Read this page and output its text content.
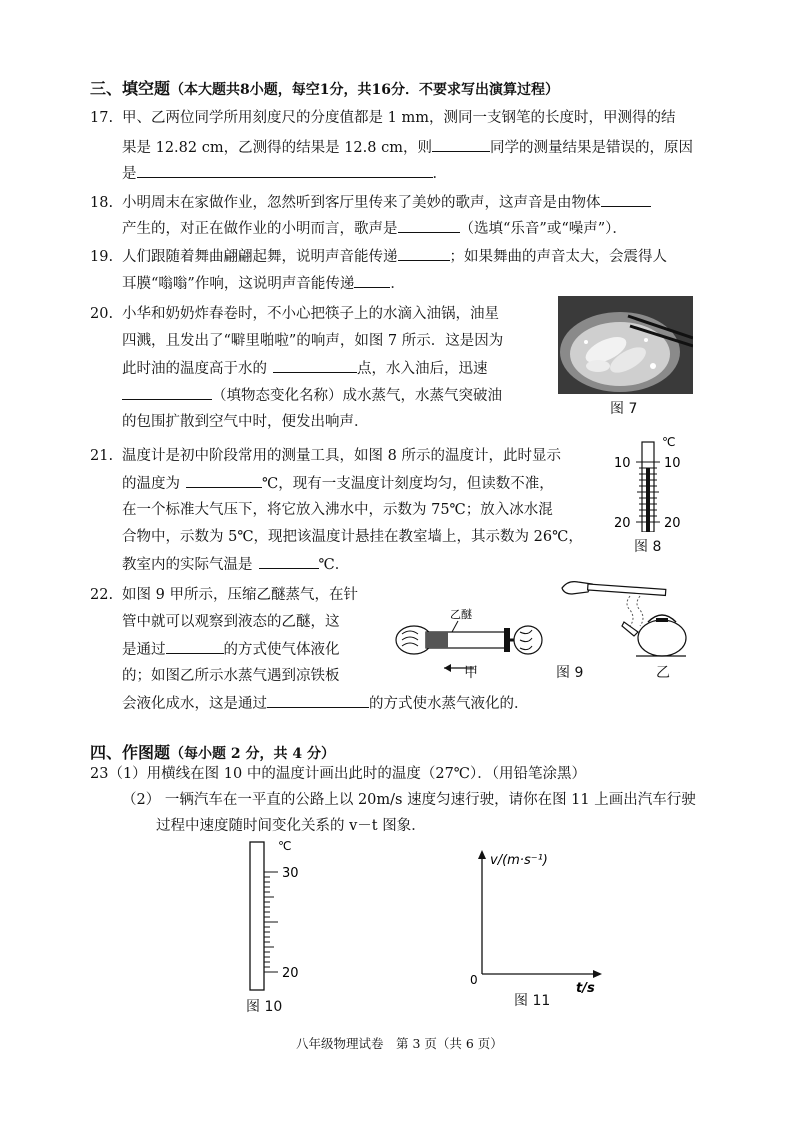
三、填空题（本大题共8小题，每空1分，共16分．不要求写出演算过程）
17. 甲、乙两位同学所用刻度尺的分度值都是 1 mm，测同一支钢笔的长度时，甲测得的结
果是 12.82 cm，乙测得的结果是 12.8 cm，则	同学的测量结果是错误的，原因
是	．
18. 小明周末在家做作业，忽然听到客厅里传来了美妙的歌声，这声音是由物体
产生的，对正在做作业的小明而言，歌声是	（选填“乐音”或“噪声”）．
19. 人们跟随着舞曲翩翩起舞，说明声音能传递	；如果舞曲的声音太大，会震得人
耳膜“嗡嗡”作响，这说明声音能传递 ．
20. 小华和奶奶炸春卷时，不小心把筷子上的水滴入油锅，油星
四溅，且发出了“噼里啪啦”的响声，如图 7 所示．这是因为
此时油的温度高于水的	点，水入油后，迅速
（填物态变化名称）成水蒸气，水蒸气突破油
的包围扩散到空气中时，便发出响声．
图 7
21. 温度计是初中阶段常用的测量工具，如图 8 所示的温度计，此时显示
的温度为	℃，现有一支温度计刻度均匀，但读数不准，
在一个标准大气压下，将它放入沸水中，示数为 75℃；放入冰水混
合物中，示数为 5℃，现把该温度计悬挂在教室墙上，其示数为 26℃，
教室内的实际气温是	℃．
℃
10	10
20	20
图 8
22. 如图 9 甲所示，压缩乙醚蒸气，在针
管中就可以观察到液态的乙醚，这
是通过	的方式使气体液化
的；如图乙所示水蒸气遇到凉铁板
会液化成水，这是通过	的方式使水蒸气液化的．
乙醚
甲	图 9	乙
四、作图题（每小题 2 分，共 4 分）
23（1）用横线在图 10 中的温度计画出此时的温度（27℃）．（用铅笔涂黑）
（2） 一辆汽车在一平直的公路上以 20m/s 速度匀速行驶，请你在图 11 上画出汽车行驶
过程中速度随时间变化关系的 v－t 图象．
℃
30
20
图 10
v/(m·s⁻¹)
0
t/s
图 11
八年级物理试卷　第 3 页（共 6 页）
